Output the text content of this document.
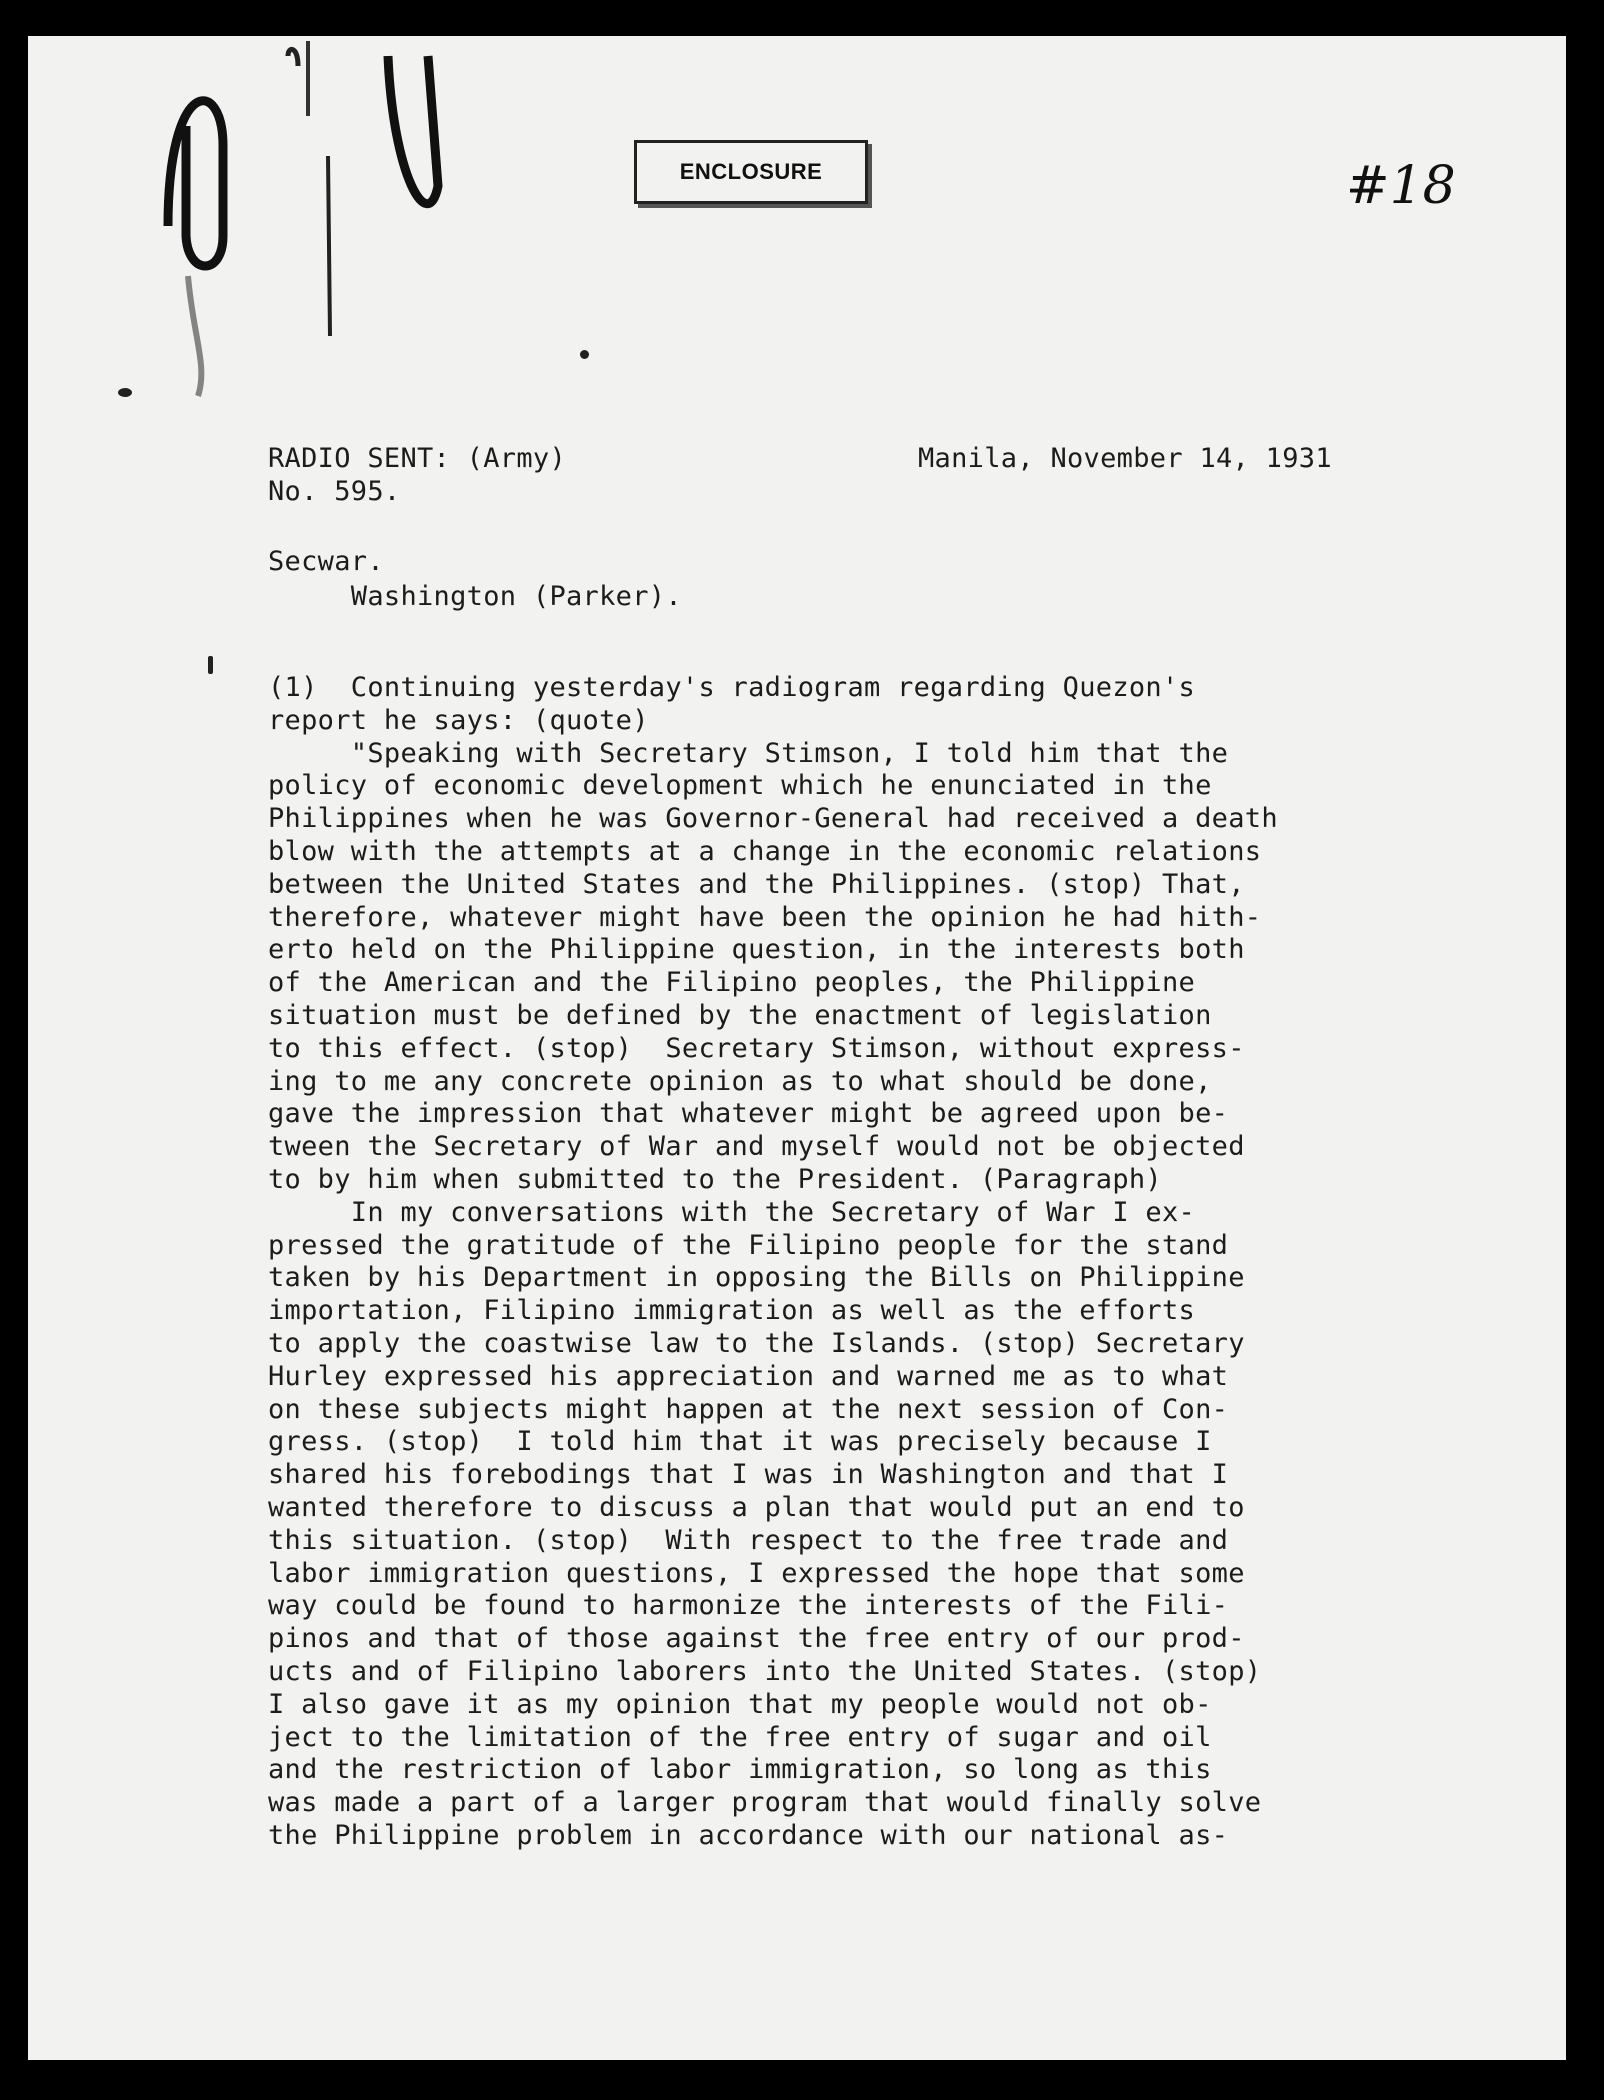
ENCLOSURE	#18
RADIO SENT: (Army)
No. 595.
Manila, November 14, 1931
Secwar.
Washington (Parker).
(1)  Continuing yesterday's radiogram regarding Quezon's
report he says: (quote)
"Speaking with Secretary Stimson, I told him that the
policy of economic development which he enunciated in the
Philippines when he was Governor-General had received a death
blow with the attempts at a change in the economic relations
between the United States and the Philippines. (stop) That,
therefore, whatever might have been the opinion he had hith-
erto held on the Philippine question, in the interests both
of the American and the Filipino peoples, the Philippine
situation must be defined by the enactment of legislation
to this effect. (stop)  Secretary Stimson, without express-
ing to me any concrete opinion as to what should be done,
gave the impression that whatever might be agreed upon be-
tween the Secretary of War and myself would not be objected
to by him when submitted to the President. (Paragraph)
In my conversations with the Secretary of War I ex-
pressed the gratitude of the Filipino people for the stand
taken by his Department in opposing the Bills on Philippine
importation, Filipino immigration as well as the efforts
to apply the coastwise law to the Islands. (stop) Secretary
Hurley expressed his appreciation and warned me as to what
on these subjects might happen at the next session of Con-
gress. (stop)  I told him that it was precisely because I
shared his forebodings that I was in Washington and that I
wanted therefore to discuss a plan that would put an end to
this situation. (stop)  With respect to the free trade and
labor immigration questions, I expressed the hope that some
way could be found to harmonize the interests of the Fili-
pinos and that of those against the free entry of our prod-
ucts and of Filipino laborers into the United States. (stop)
I also gave it as my opinion that my people would not ob-
ject to the limitation of the free entry of sugar and oil
and the restriction of labor immigration, so long as this
was made a part of a larger program that would finally solve
the Philippine problem in accordance with our national as-
